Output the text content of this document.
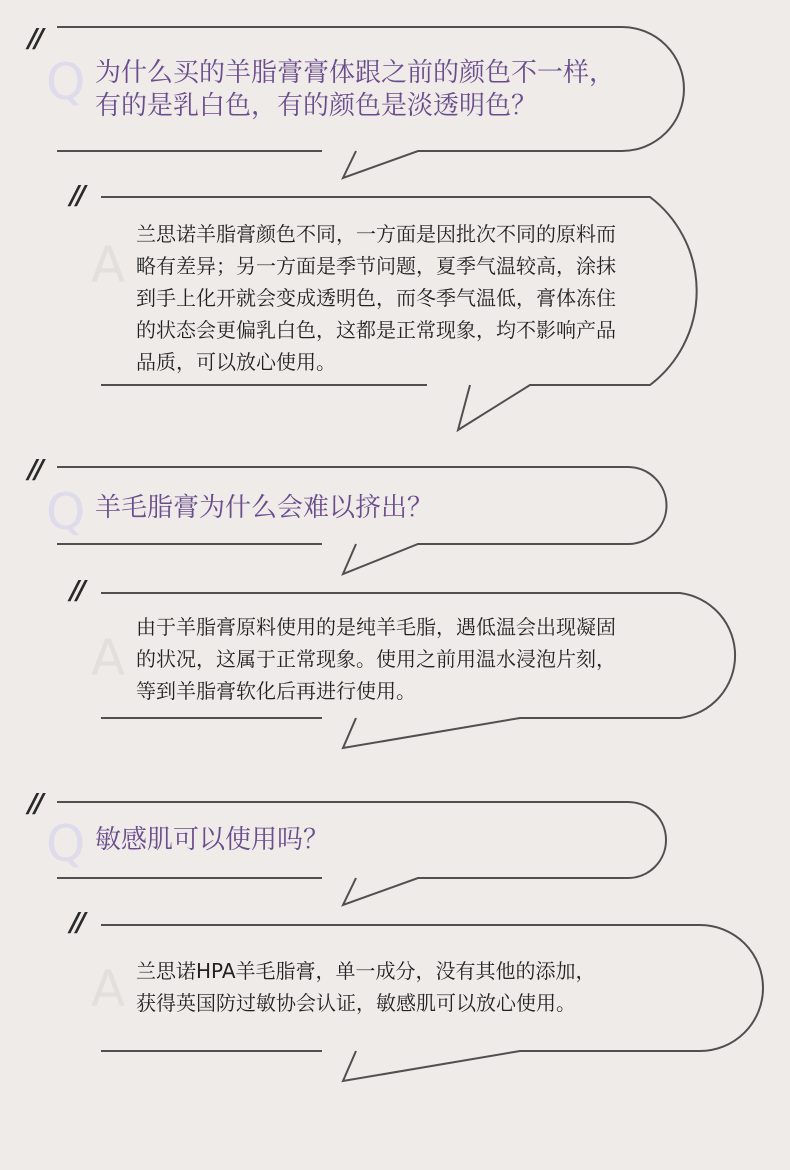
//
Q 为什么买的羊脂膏膏体跟之前的颜色不一样，
有的是乳白色，有的颜色是淡透明色？
//
A
兰思诺羊脂膏颜色不同，一方面是因批次不同的原料而
略有差异；另一方面是季节问题，夏季气温较高，涂抹
到手上化开就会变成透明色，而冬季气温低，膏体冻住
的状态会更偏乳白色，这都是正常现象，均不影响产品
品质，可以放心使用。
//
Q 羊毛脂膏为什么会难以挤出？
//
A
由于羊脂膏原料使用的是纯羊毛脂，遇低温会出现凝固
的状况，这属于正常现象。使用之前用温水浸泡片刻，
等到羊脂膏软化后再进行使用。
//
Q 敏感肌可以使用吗？
//
A 兰思诺HPA羊毛脂膏，单一成分，没有其他的添加，
获得英国防过敏协会认证，敏感肌可以放心使用。
